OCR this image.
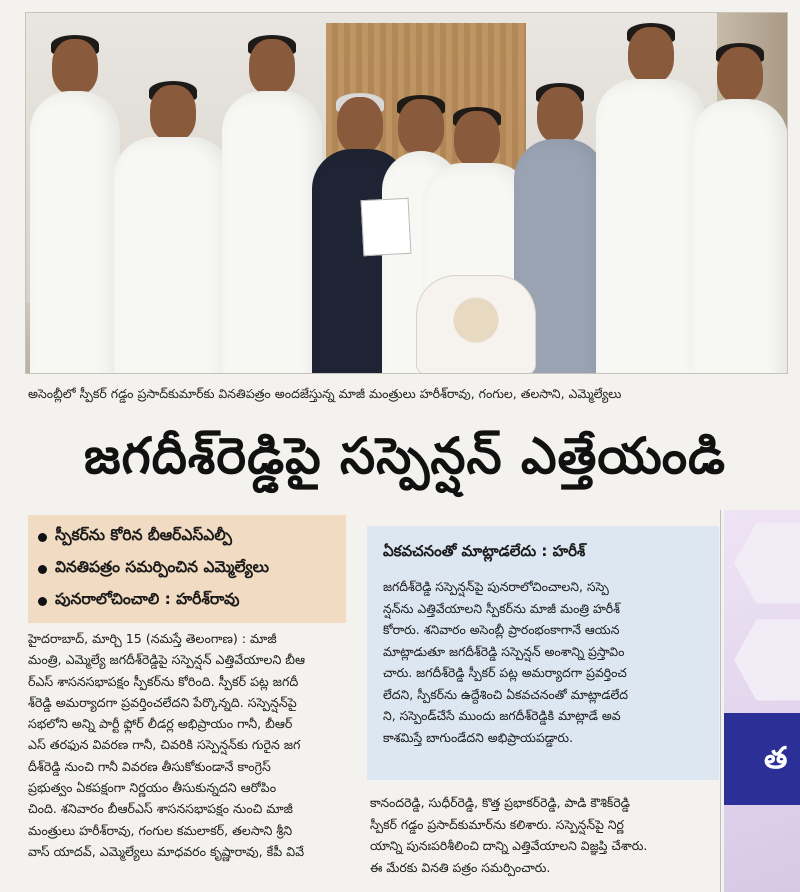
అసెంబ్లీలో స్పీకర్ గడ్డం ప్రసాద్‌కుమార్‌కు వినతిపత్రం అందజేస్తున్న మాజీ మంత్రులు హరీశ్‌రావు, గంగుల, తలసాని, ఎమ్మెల్యేలు
జగదీశ్‌రెడ్డిపై సస్పెన్షన్ ఎత్తేయండి
స్పీకర్‌ను కోరిన బీఆర్‌ఎస్‌ఎల్పీ
వినతిపత్రం సమర్పించిన ఎమ్మెల్యేలు
పునరాలోచించాలి : హరీశ్‌రావు

హైదరాబాద్, మార్చి 15 (నమస్తే తెలంగాణ) : మాజీ

మంత్రి, ఎమ్మెల్యే జగదీశ్‌రెడ్డిపై సస్పెన్షన్ ఎత్తివేయాలని బీఆ

ర్‌ఎస్ శాసనసభాపక్షం స్పీకర్‌ను కోరింది. స్పీకర్ పట్ల జగదీ

శ్‌రెడ్డి అమర్యాదగా ప్రవర్తించలేదని పేర్కొన్నది. సస్పెన్షన్‌పై

సభలోని అన్ని పార్టీ ఫ్లోర్ లీడర్ల అభిప్రాయం గానీ, బీఆర్

ఎస్ తరఫున వివరణ గానీ, చివరికి సస్పెన్షన్‌కు గురైన జగ

దీశ్‌రెడ్డి నుంచి గానీ వివరణ తీసుకోకుండానే కాంగ్రెస్

ప్రభుత్వం ఏకపక్షంగా నిర్ణయం తీసుకున్నదని ఆరోపిం

చింది. శనివారం బీఆర్‌ఎస్ శాసనసభాపక్షం నుంచి మాజీ

మంత్రులు హరీశ్‌రావు, గంగుల కమలాకర్, తలసాని శ్రీని

వాస్ యాదవ్, ఎమ్మెల్యేలు మాధవరం కృష్ణారావు, కేపీ వివే

ఏకవచనంతో మాట్లాడలేదు : హరీశ్

జగదీశ్‌రెడ్డి సస్పెన్షన్‌పై పునరాలోచించాలని, సస్పె

న్షన్‌ను ఎత్తివేయాలని స్పీకర్‌ను మాజీ మంత్రి హరీశ్

కోరారు. శనివారం అసెంబ్లీ ప్రారంభంకాగానే ఆయన

మాట్లాడుతూ జగదీశ్‌రెడ్డి సస్పెన్షన్ అంశాన్ని ప్రస్తావిం

చారు. జగదీశ్‌రెడ్డి స్పీకర్ పట్ల అమర్యాదగా ప్రవర్తించ

లేదని, స్పీకర్‌ను ఉద్దేశించి ఏకవచనంతో మాట్లాడలేద

ని, సస్పెండ్‌చేసే ముందు జగదీశ్‌రెడ్డికి మాట్లాడే అవ

కాశమిస్తే బాగుండేదని అభిప్రాయపడ్డారు.

కానందరెడ్డి, సుధీర్‌రెడ్డి, కొత్త ప్రభాకర్‌రెడ్డి, పాడి కౌశిక్‌రెడ్డి

స్పీకర్ గడ్డం ప్రసాద్‌కుమార్‌ను కలిశారు. సస్పెన్షన్‌పై నిర్ణ

యాన్ని పునఃపరిశీలించి దాన్ని ఎత్తివేయాలని విజ్ఞప్తి చేశారు.

ఈ మేరకు వినతి పత్రం సమర్పించారు.

త
